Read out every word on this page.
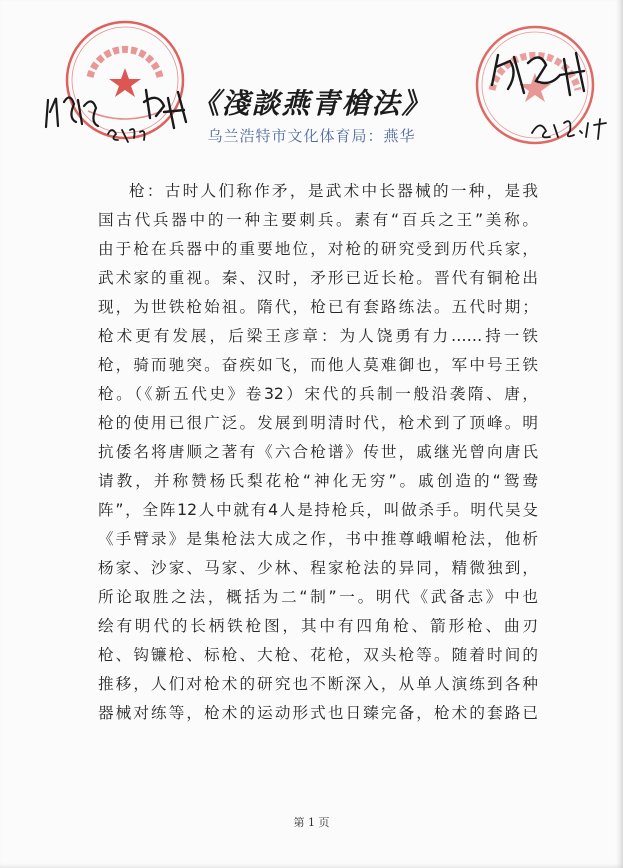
《淺談燕青槍法》
乌兰浩特市文化体育局：燕华
枪：古时人们称作矛，是武术中长器械的一种，是我
国古代兵器中的一种主要刺兵。素有“百兵之王”美称。
由于枪在兵器中的重要地位，对枪的研究受到历代兵家，
武术家的重视。秦、汉时，矛形已近长枪。晋代有铜枪出
现，为世铁枪始祖。隋代，枪已有套路练法。五代时期；
枪术更有发展，后梁王彦章：为人饶勇有力……持一铁
枪，骑而驰突。奋疾如飞，而他人莫难御也，军中号王铁
枪。（《新五代史》卷32）宋代的兵制一般沿袭隋、唐，
枪的使用已很广泛。发展到明清时代，枪术到了顶峰。明
抗倭名将唐顺之著有《六合枪谱》传世，戚继光曾向唐氏
请教，并称赞杨氏梨花枪“神化无穷”。戚创造的“鸳鸯
阵”，全阵12人中就有4人是持枪兵，叫做杀手。明代吴殳
《手臂录》是集枪法大成之作，书中推尊峨嵋枪法，他析
杨家、沙家、马家、少林、程家枪法的异同，精微独到，
所论取胜之法，概括为二“制”一。明代《武备志》中也
绘有明代的长柄铁枪图，其中有四角枪、箭形枪、曲刃
枪、钩镰枪、标枪、大枪、花枪，双头枪等。随着时间的
推移，人们对枪术的研究也不断深入，从单人演练到各种
器械对练等，枪术的运动形式也日臻完备，枪术的套路已
第 1 页
